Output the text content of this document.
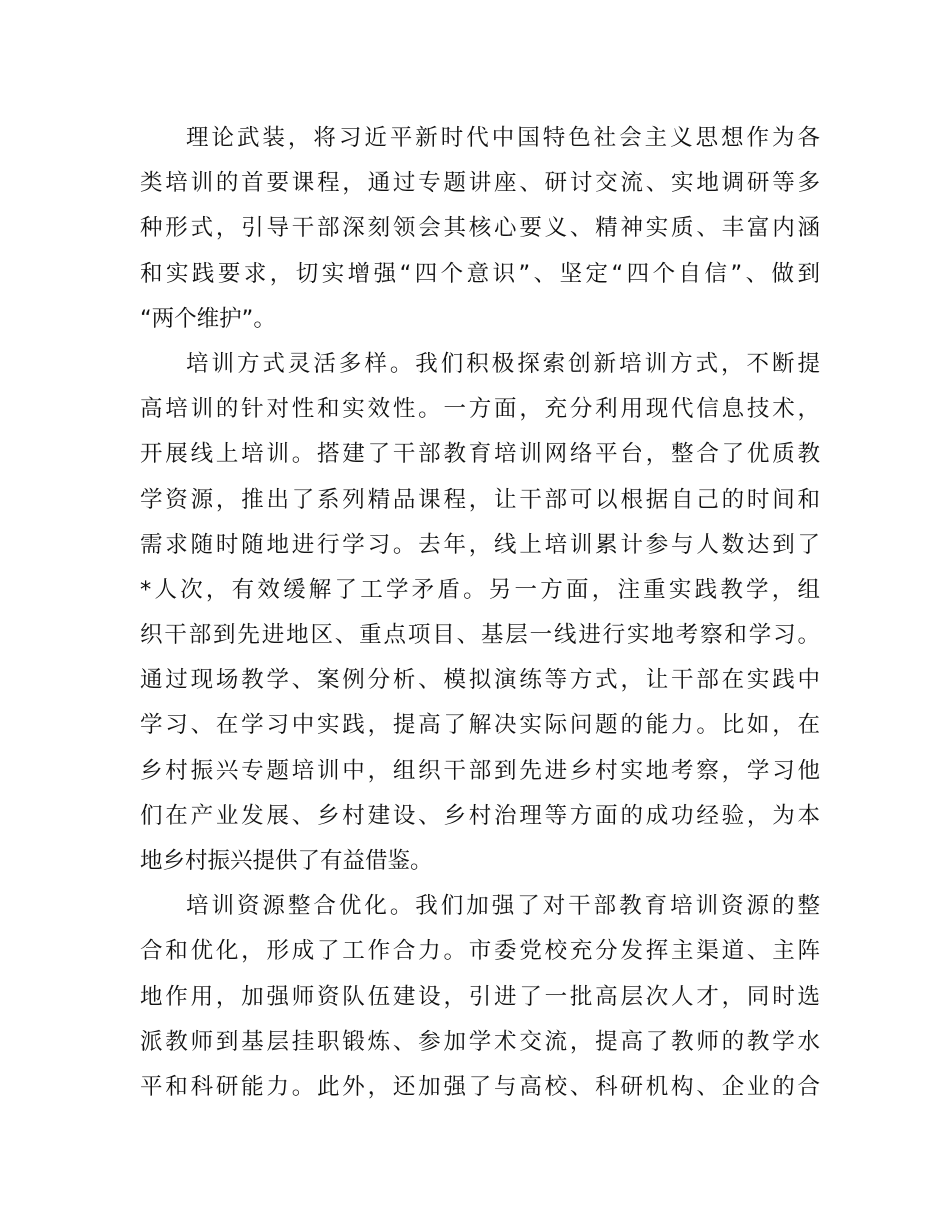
理论武装，将习近平新时代中国特色社会主义思想作为各
类培训的首要课程，通过专题讲座、研讨交流、实地调研等多
种形式，引导干部深刻领会其核心要义、精神实质、丰富内涵
和实践要求，切实增强“四个意识”、坚定“四个自信”、做到
“两个维护”。

培训方式灵活多样。我们积极探索创新培训方式，不断提
高培训的针对性和实效性。一方面，充分利用现代信息技术，
开展线上培训。搭建了干部教育培训网络平台，整合了优质教
学资源，推出了系列精品课程，让干部可以根据自己的时间和
需求随时随地进行学习。去年，线上培训累计参与人数达到了
*人次，有效缓解了工学矛盾。另一方面，注重实践教学，组
织干部到先进地区、重点项目、基层一线进行实地考察和学习。
通过现场教学、案例分析、模拟演练等方式，让干部在实践中
学习、在学习中实践，提高了解决实际问题的能力。比如，在
乡村振兴专题培训中，组织干部到先进乡村实地考察，学习他
们在产业发展、乡村建设、乡村治理等方面的成功经验，为本
地乡村振兴提供了有益借鉴。

培训资源整合优化。我们加强了对干部教育培训资源的整
合和优化，形成了工作合力。市委党校充分发挥主渠道、主阵
地作用，加强师资队伍建设，引进了一批高层次人才，同时选
派教师到基层挂职锻炼、参加学术交流，提高了教师的教学水
平和科研能力。此外，还加强了与高校、科研机构、企业的合
